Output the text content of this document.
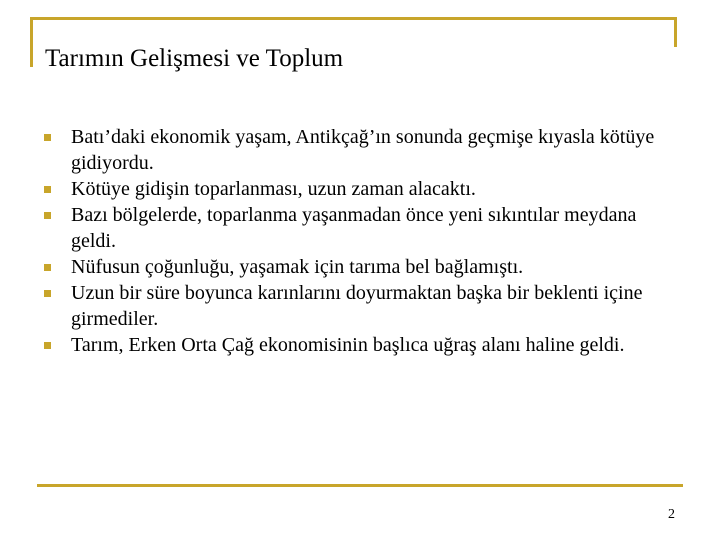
Tarımın Gelişmesi ve Toplum
Batı’daki ekonomik yaşam, Antikçağ’ın sonunda geçmişe kıyasla kötüye gidiyordu.
Kötüye gidişin toparlanması, uzun zaman alacaktı.
Bazı bölgelerde, toparlanma yaşanmadan önce yeni sıkıntılar meydana geldi.
Nüfusun çoğunluğu, yaşamak için tarıma bel bağlamıştı.
Uzun bir süre boyunca karınlarını doyurmaktan başka bir beklenti içine girmediler.
Tarım, Erken Orta Çağ ekonomisinin başlıca uğraş alanı haline geldi.
2
